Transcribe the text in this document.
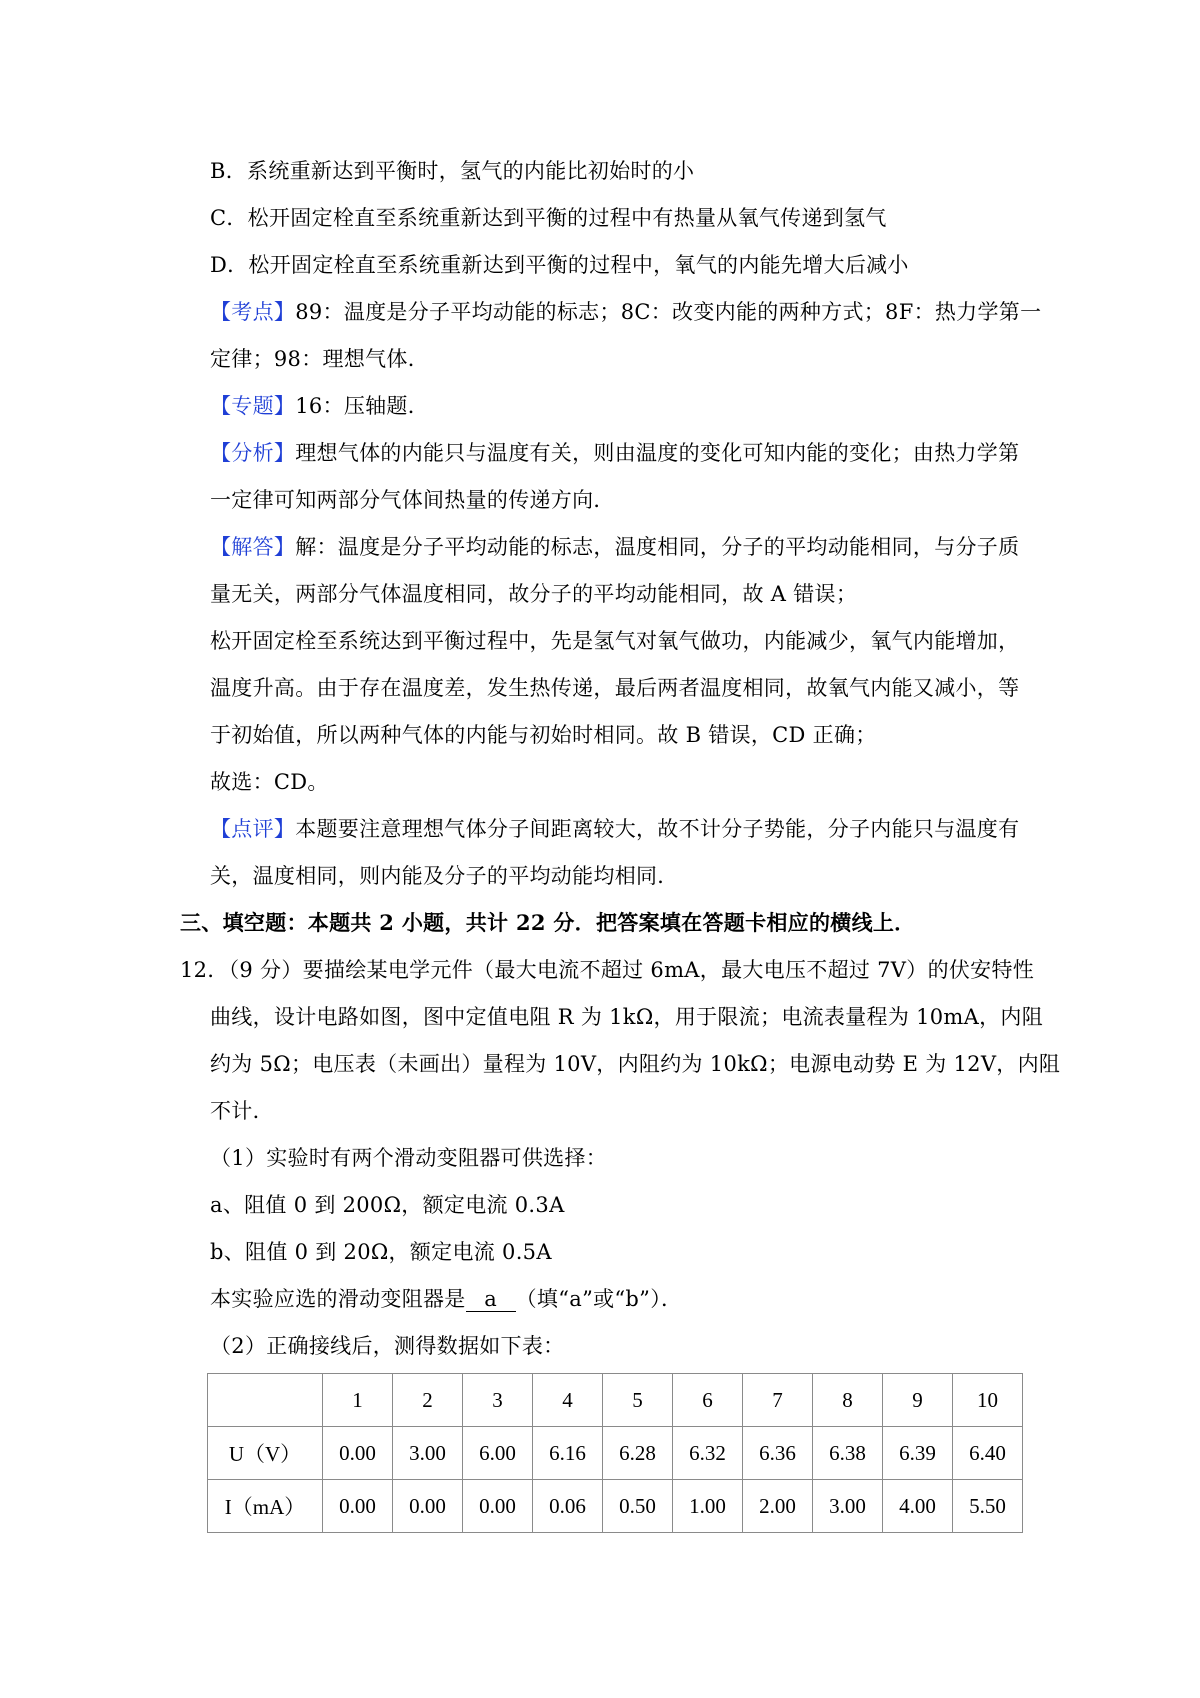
B．系统重新达到平衡时，氢气的内能比初始时的小
C．松开固定栓直至系统重新达到平衡的过程中有热量从氧气传递到氢气
D．松开固定栓直至系统重新达到平衡的过程中，氧气的内能先增大后减小
【考点】89：温度是分子平均动能的标志；8C：改变内能的两种方式；8F：热力学第一
定律；98：理想气体．
【专题】16：压轴题．
【分析】理想气体的内能只与温度有关，则由温度的变化可知内能的变化；由热力学第
一定律可知两部分气体间热量的传递方向．
【解答】解：温度是分子平均动能的标志，温度相同，分子的平均动能相同，与分子质
量无关，两部分气体温度相同，故分子的平均动能相同，故 A 错误；
松开固定栓至系统达到平衡过程中，先是氢气对氧气做功，内能减少，氧气内能增加，
温度升高。由于存在温度差，发生热传递，最后两者温度相同，故氧气内能又减小，等
于初始值，所以两种气体的内能与初始时相同。故 B 错误，CD 正确；
故选：CD。
【点评】本题要注意理想气体分子间距离较大，故不计分子势能，分子内能只与温度有
关，温度相同，则内能及分子的平均动能均相同．
三、填空题：本题共 2 小题，共计 22 分．把答案填在答题卡相应的横线上．
12．（9 分）要描绘某电学元件（最大电流不超过 6mA，最大电压不超过 7V）的伏安特性
曲线，设计电路如图，图中定值电阻 R 为 1kΩ，用于限流；电流表量程为 10mA，内阻
约为 5Ω；电压表（未画出）量程为 10V，内阻约为 10kΩ；电源电动势 E 为 12V，内阻
不计．
（1）实验时有两个滑动变阻器可供选择：
a、阻值 0 到 200Ω，额定电流 0.3A
b、阻值 0 到 20Ω，额定电流 0.5A
本实验应选的滑动变阻器是 a （填“a”或“b”）．
（2）正确接线后，测得数据如下表：
	1	2	3	4	5	6	7	8	9	10
U（V）	0.00	3.00	6.00	6.16	6.28	6.32	6.36	6.38	6.39	6.40
I（mA）	0.00	0.00	0.00	0.06	0.50	1.00	2.00	3.00	4.00	5.50
